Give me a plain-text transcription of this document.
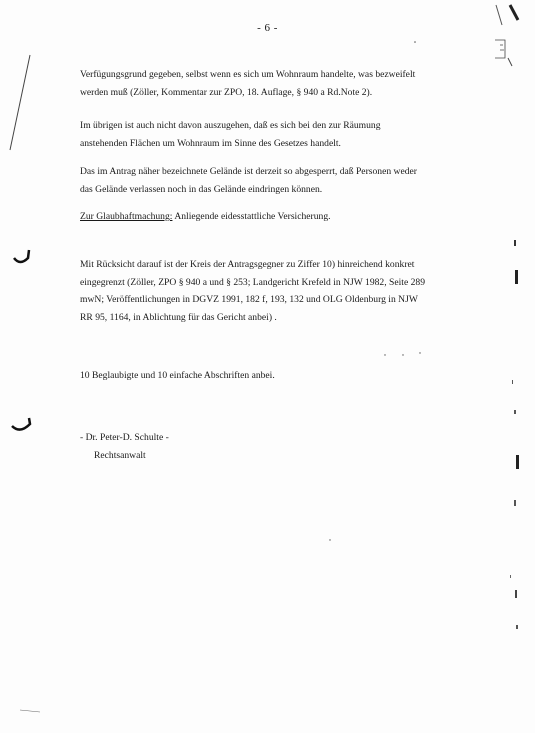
- 6 -

Verfügungsgrund gegeben, selbst wenn es sich um Wohnraum handelte, was bezweifelt
werden muß (Zöller, Kommentar zur ZPO, 18. Auflage, § 940 a Rd.Note 2).

Im übrigen ist auch nicht davon auszugehen, daß es sich bei den zur Räumung
anstehenden Flächen um Wohnraum im Sinne des Gesetzes handelt.

Das im Antrag näher bezeichnete Gelände ist derzeit so abgesperrt, daß Personen weder
das Gelände verlassen noch in das Gelände eindringen können.

Zur Glaubhaftmachung: Anliegende eidesstattliche Versicherung.

Mit Rücksicht darauf ist der Kreis der Antragsgegner zu Ziffer 10) hinreichend konkret
eingegrenzt (Zöller, ZPO § 940 a und § 253; Landgericht Krefeld in NJW 1982, Seite 289
mwN; Veröffentlichungen in DGVZ 1991, 182 f, 193, 132 und OLG Oldenburg in NJW
RR 95, 1164, in Ablichtung für das Gericht anbei) .

10 Beglaubigte und 10 einfache Abschriften anbei.

- Dr. Peter-D. Schulte -
Rechtsanwalt
